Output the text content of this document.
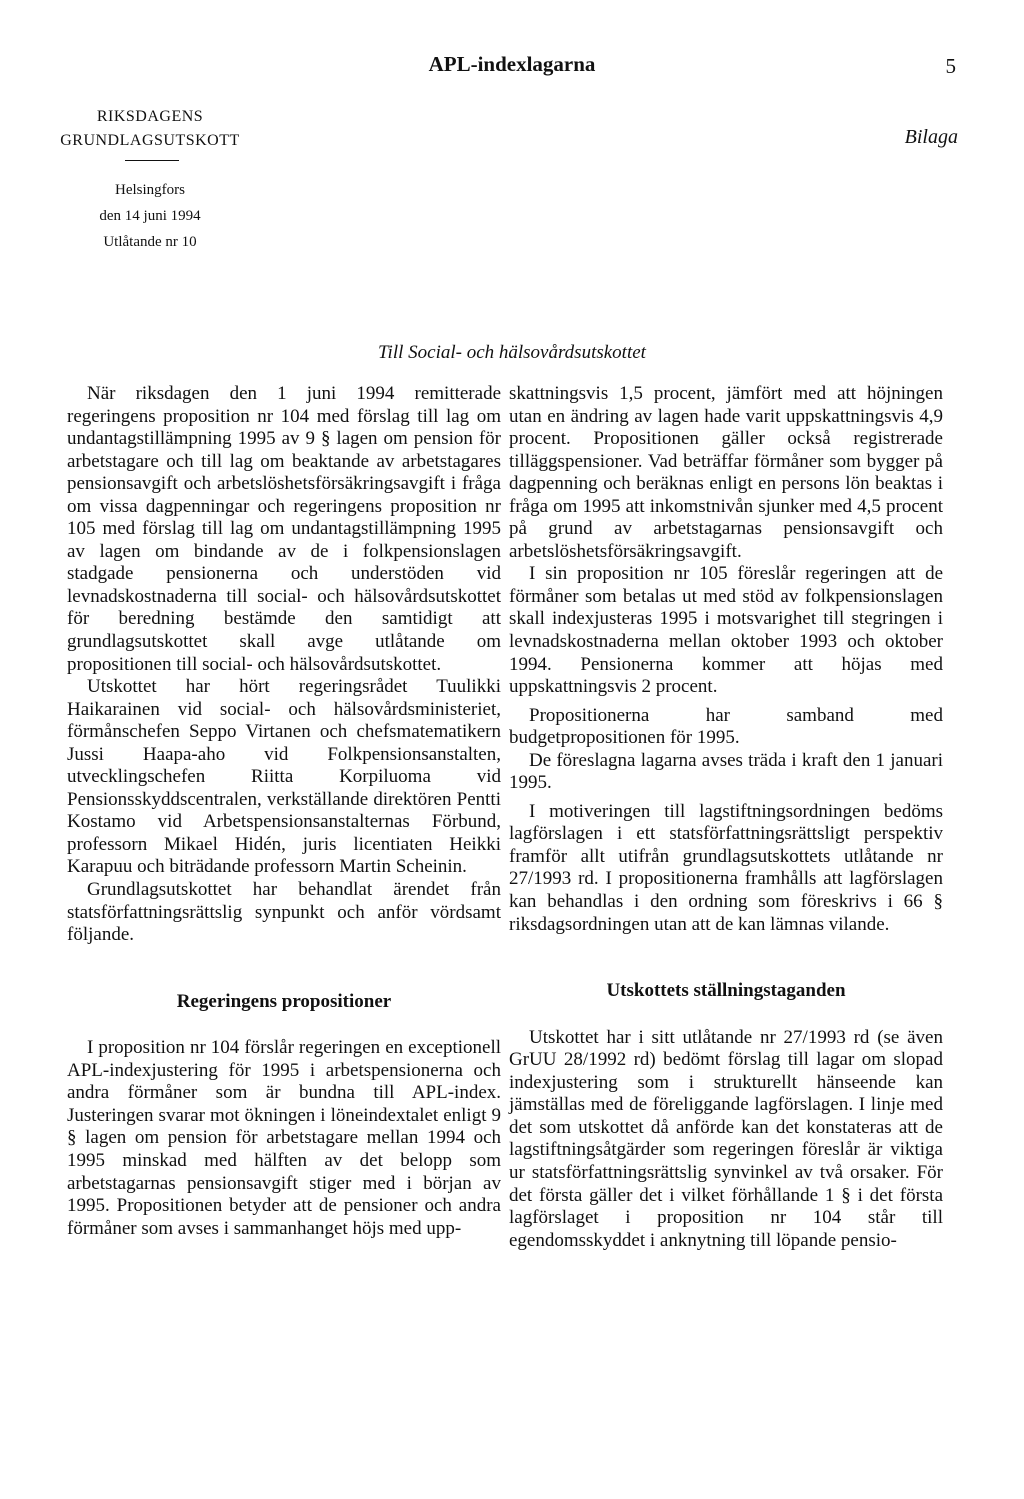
APL-indexlagarna	5
RIKSDAGENS
GRUNDLAGSUTSKOTT
Helsingfors
den 14 juni 1994
Utlåtande nr 10
Bilaga
Till Social- och hälsovårdsutskottet

När riksdagen den 1 juni 1994 remitterade regeringens proposition nr 104 med förslag till lag om undantagstillämpning 1995 av 9 § lagen om pension för arbetstagare och till lag om beaktande av arbetstagares pensionsavgift och arbetslöshetsförsäkringsavgift i fråga om vissa dagpenningar och regeringens proposition nr 105 med förslag till lag om undantagstillämpning 1995 av lagen om bindande av de i folkpensionslagen stadgade pensionerna och understöden vid levnadskostnaderna till social- och hälsovårdsutskottet för beredning bestämde den samtidigt att grundlagsutskottet skall avge utlåtande om propositionen till social- och hälsovårdsutskottet.

Utskottet har hört regeringsrådet Tuulikki Haikarainen vid social- och hälsovårdsministeriet, förmånschefen Seppo Virtanen och chefsmatematikern Jussi Haapa-aho vid Folkpensionsanstalten, utvecklingschefen Riitta Korpiluoma vid Pensionsskyddscentralen, verkställande direktören Pentti Kostamo vid Arbetspensionsanstalternas Förbund, professorn Mikael Hidén, juris licentiaten Heikki Karapuu och biträdande professorn Martin Scheinin.

Grundlagsutskottet har behandlat ärendet från statsförfattningsrättslig synpunkt och anför vördsamt följande.

Regeringens propositioner

I proposition nr 104 förslår regeringen en exceptionell APL-indexjustering för 1995 i arbetspensionerna och andra förmåner som är bundna till APL-index. Justeringen svarar mot ökningen i löneindextalet enligt 9 § lagen om pension för arbetstagare mellan 1994 och 1995 minskad med hälften av det belopp som arbetstagarnas pensionsavgift stiger med i början av 1995. Propositionen betyder att de pensioner och andra förmåner som avses i sammanhanget höjs med upp-

skattningsvis 1,5 procent, jämfört med att höjningen utan en ändring av lagen hade varit uppskattningsvis 4,9 procent. Propositionen gäller också registrerade tilläggspensioner. Vad beträffar förmåner som bygger på dagpenning och beräknas enligt en persons lön beaktas i fråga om 1995 att inkomstnivån sjunker med 4,5 procent på grund av arbetstagarnas pensionsavgift och arbetslöshetsförsäkringsavgift.

I sin proposition nr 105 föreslår regeringen att de förmåner som betalas ut med stöd av folkpensionslagen skall indexjusteras 1995 i motsvarighet till stegringen i levnadskostnaderna mellan oktober 1993 och oktober 1994. Pensionerna kommer att höjas med uppskattningsvis 2 procent.

Propositionerna har samband med budgetpropositionen för 1995.

De föreslagna lagarna avses träda i kraft den 1 januari 1995.

I motiveringen till lagstiftningsordningen bedöms lagförslagen i ett statsförfattningsrättsligt perspektiv framför allt utifrån grundlagsutskottets utlåtande nr 27/1993 rd. I propositionerna framhålls att lagförslagen kan behandlas i den ordning som föreskrivs i 66 § riksdagsordningen utan att de kan lämnas vilande.

Utskottets ställningstaganden

Utskottet har i sitt utlåtande nr 27/1993 rd (se även GrUU 28/1992 rd) bedömt förslag till lagar om slopad indexjustering som i strukturellt hänseende kan jämställas med de föreliggande lagförslagen. I linje med det som utskottet då anförde kan det konstateras att de lagstiftningsåtgärder som regeringen föreslår är viktiga ur statsförfattningsrättslig synvinkel av två orsaker. För det första gäller det i vilket förhållande 1 § i det första lagförslaget i proposition nr 104 står till egendomsskyddet i anknytning till löpande pensio-
